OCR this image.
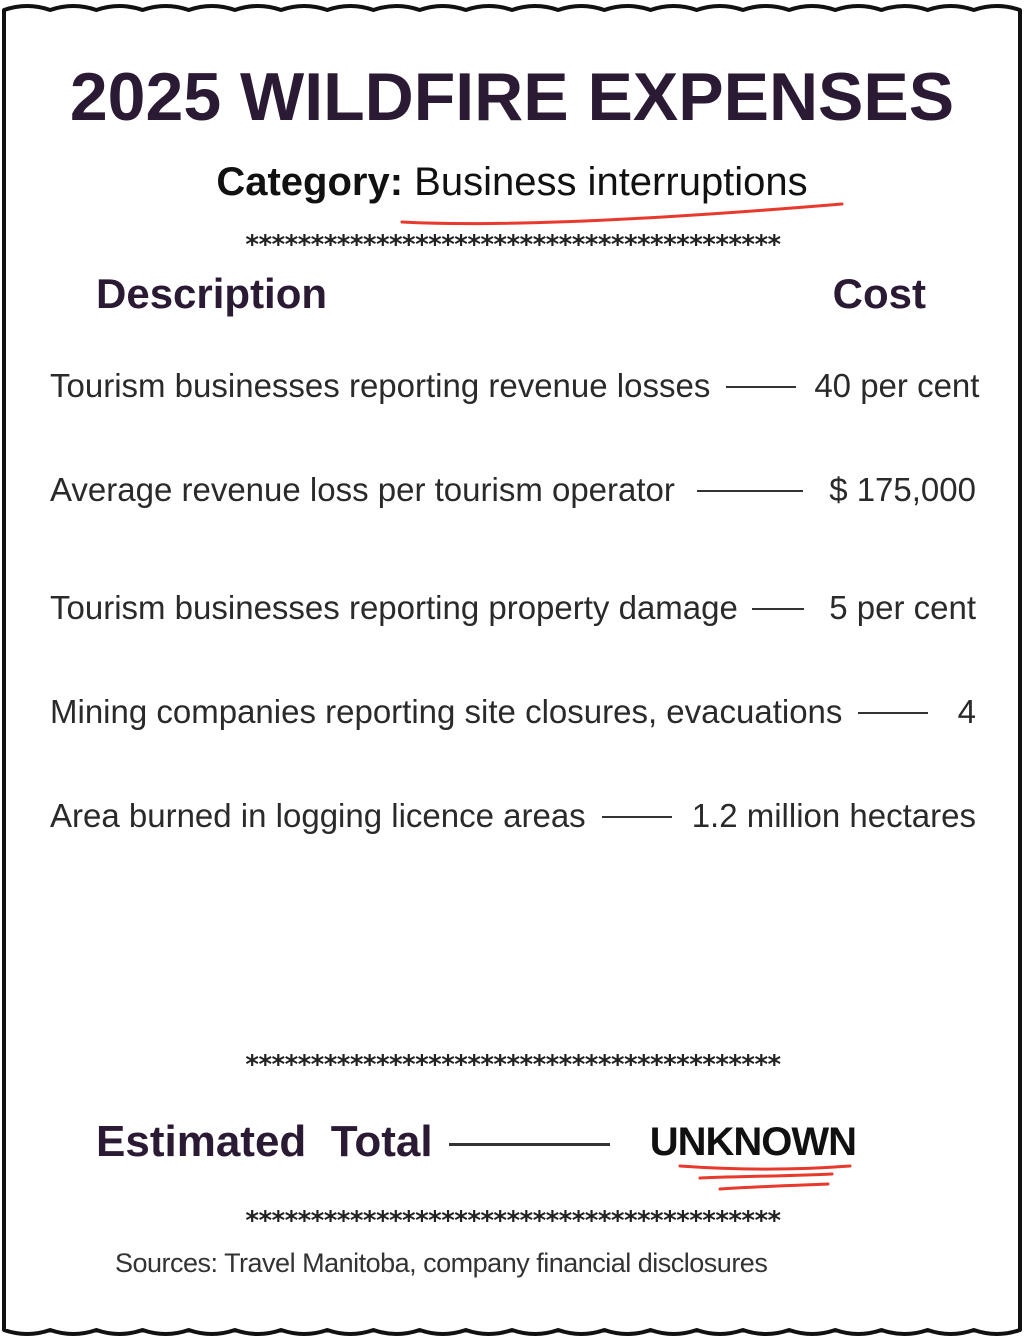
2025 WILDFIRE EXPENSES
Category: Business interruptions
*****************************************
Description	Cost
Tourism businesses reporting revenue losses	40 per cent
Average revenue loss per tourism operator	$ 175,000
Tourism businesses reporting property damage	5 per cent
Mining companies reporting site closures, evacuations	4
Area burned in logging licence areas	1.2 million hectares
*****************************************
Estimated  Total	UNKNOWN
*****************************************
Sources: Travel Manitoba, company financial disclosures
